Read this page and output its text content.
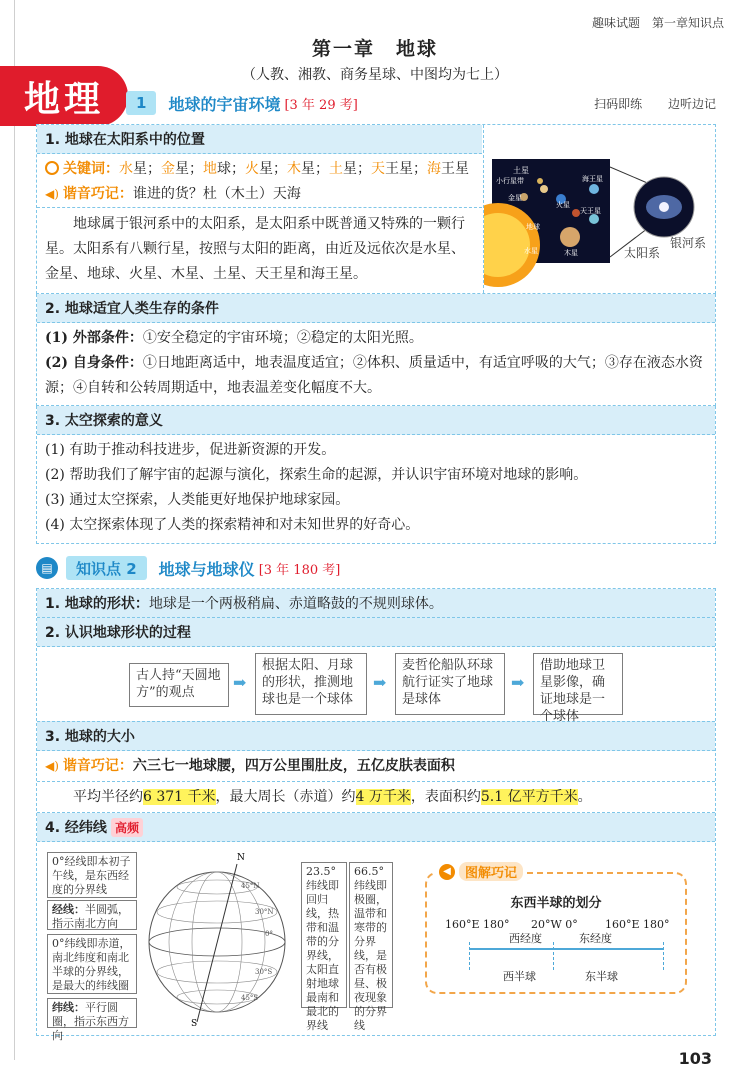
趣味试题　第一章知识点
第一章　地球
（人教、湘教、商务星球、中图均为七上）
地理	1	地球的宇宙环境 [3 年 29 考]	扫码即练 边听边记
1. 地球在太阳系中的位置
关键词：水星；金星；地球；火星；木星；土星；天王星；海王星
◀) 谐音巧记：谁进的货？杜（木土）天海
地球属于银河系中的太阳系，是太阳系中既普通又特殊的一颗行星。太阳系有八颗行星，按照与太阳的距离，由近及远依次是水星、金星、地球、火星、木星、土星、天王星和海王星。
土星
小行星带
金星
海王星
火星
天王星
地球
水星	木星	太阳系
银河系
2. 地球适宜人类生存的条件
(1) 外部条件：①安全稳定的宇宙环境；②稳定的太阳光照。
(2) 自身条件：①日地距离适中，地表温度适宜；②体积、质量适中，有适宜呼吸的大气；③存在液态水资源；④自转和公转周期适中，地表温差变化幅度不大。
3. 太空探索的意义
(1) 有助于推动科技进步，促进新资源的开发。
(2) 帮助我们了解宇宙的起源与演化，探索生命的起源，并认识宇宙环境对地球的影响。
(3) 通过太空探索，人类能更好地保护地球家园。
(4) 太空探索体现了人类的探索精神和对未知世界的好奇心。
▤	知识点 2	地球与地球仪 [3 年 180 考]
1. 地球的形状： 地球是一个两极稍扁、赤道略鼓的不规则球体。
2. 认识地球形状的过程
古人持“天圆地方”的观点
➡
根据太阳、月球的形状，推测地球也是一个球体
➡
麦哲伦船队环球航行证实了地球是球体
➡
借助地球卫星影像，确证地球是一个球体
3. 地球的大小
◀) 谐音巧记：六三七一地球腰，四万公里围肚皮，五亿皮肤表面积
平均半径约6 371 千米，最大周长（赤道）约4 万千米，表面积约5.1 亿平方千米。
4. 经纬线 高频
0°经线即本初子午线，是东西经度的分界线
经线：半圆弧，指示南北方向
0°纬线即赤道，南北纬度和南北半球的分界线，是最大的纬线圈
纬线：平行圆圈，指示东西方向
N
S
45°N
30°N
0°
30°S
45°S
23.5°纬线即回归线，热带和温带的分界线，太阳直射地球最南和最北的界线
66.5°纬线即极圈，温带和寒带的分界线，是否有极昼、极夜现象的分界线
◀	图解巧记
东西半球的划分
160°E 180° 20°W 0° 160°E 180°
西经度	东经度
西半球	东半球
103
